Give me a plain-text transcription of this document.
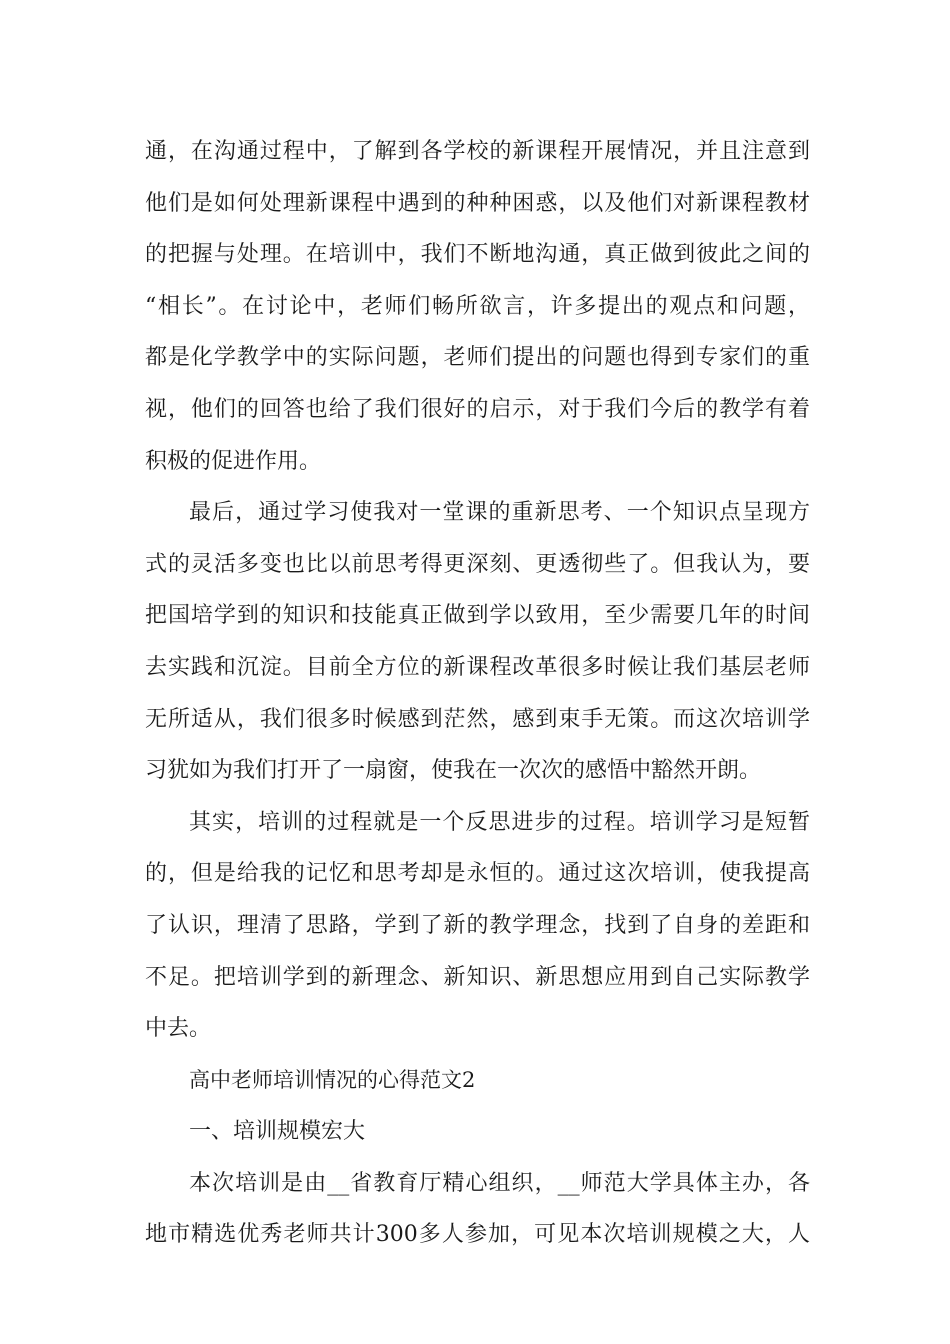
通，在沟通过程中，了解到各学校的新课程开展情况，并且注意到
他们是如何处理新课程中遇到的种种困惑，以及他们对新课程教材
的把握与处理。在培训中，我们不断地沟通，真正做到彼此之间的
“相长”。在讨论中，老师们畅所欲言，许多提出的观点和问题，
都是化学教学中的实际问题，老师们提出的问题也得到专家们的重
视，他们的回答也给了我们很好的启示，对于我们今后的教学有着
积极的促进作用。
最后，通过学习使我对一堂课的重新思考、一个知识点呈现方
式的灵活多变也比以前思考得更深刻、更透彻些了。但我认为，要
把国培学到的知识和技能真正做到学以致用，至少需要几年的时间
去实践和沉淀。目前全方位的新课程改革很多时候让我们基层老师
无所适从，我们很多时候感到茫然，感到束手无策。而这次培训学
习犹如为我们打开了一扇窗，使我在一次次的感悟中豁然开朗。
其实，培训的过程就是一个反思进步的过程。培训学习是短暂
的，但是给我的记忆和思考却是永恒的。通过这次培训，使我提高
了认识，理清了思路，学到了新的教学理念，找到了自身的差距和
不足。把培训学到的新理念、新知识、新思想应用到自己实际教学
中去。
高中老师培训情况的心得范文2
一、培训规模宏大
本次培训是由__省教育厅精心组织，__师范大学具体主办，各
地市精选优秀老师共计300多人参加，可见本次培训规模之大，人
